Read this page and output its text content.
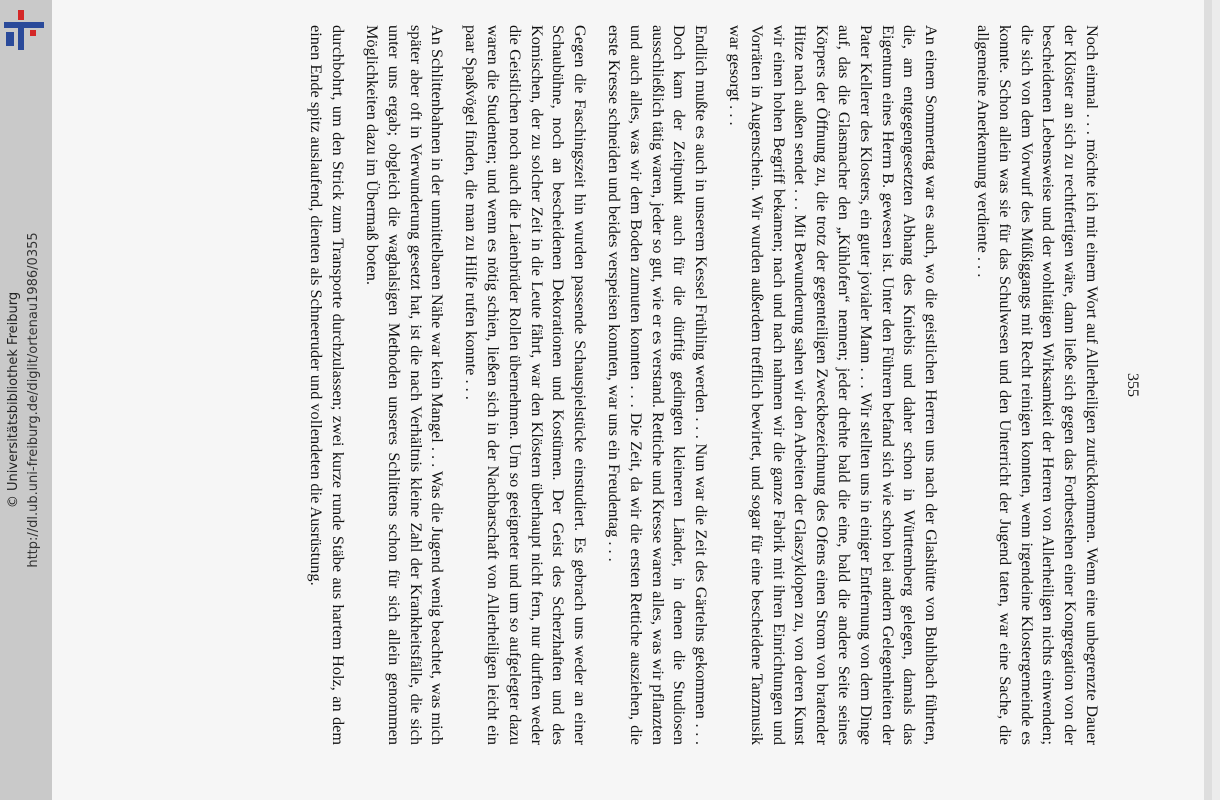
http://dl.ub.uni-freiburg.de/diglit/ortenau1986/0355
© Universitätsbibliothek Freiburg	355

Noch einmal . . . möchte ich mit einem Wort auf Allerheiligen zurückkommen. Wenn eine unbegrenzte Dauer der Klöster an sich zu rechtfertigen wäre, dann ließe sich gegen das Fortbestehen einer Kongregation von der bescheidenen Lebensweise und der wohltätigen Wirksamkeit der Herren von Allerheiligen nichts einwenden; die sich von dem Vorwurf des Müßiggangs mit Recht reinigen konnten, wenn irgendeine Klostergemeinde es konnte. Schon allein was sie für das Schulwesen und den Unterricht der Jugend taten, war eine Sache, die allgemeine Anerkennung verdiente . . .

An einem Sommertag war es auch, wo die geistlichen Herren uns nach der Glashütte von Buhlbach führten, die, am entgegengesetzten Abhang des Kniebis und daher schon in Württemberg gelegen, damals das Eigentum eines Herrn B. gewesen ist. Unter den Führern befand sich wie schon bei andern Gelegenheiten der Pater Kellerer des Klosters, ein guter jovialer Mann . . . Wir stellten uns in einiger Entfernung von dem Dinge auf, das die Glasmacher den „Kühlofen“ nennen; jeder drehte bald die eine, bald die andere Seite seines Körpers der Öffnung zu, die trotz der gegenteiligen Zweckbezeichnung des Ofens einen Strom von bratender Hitze nach außen sendet . . . Mit Bewunderung sahen wir den Arbeiten der Glaszyklopen zu, von deren Kunst wir einen hohen Begriff bekamen; nach und nach nahmen wir die ganze Fabrik mit ihren Einrichtungen und Vorräten in Augenschein. Wir wurden außerdem trefflich bewirtet, und sogar für eine bescheidene Tanzmusik war gesorgt . . .

Endlich mußte es auch in unserem Kessel Frühling werden . . . Nun war die Zeit des Gärtelns gekommen . . . Doch kam der Zeitpunkt auch für die dürftig gedingten kleineren Länder, in denen die Studiosen ausschließlich tätig waren, jeder so gut, wie er es verstand. Rettiche und Kresse waren alles, was wir pflanzten und auch alles, was wir dem Boden zumuten konnten . . . Die Zeit, da wir die ersten Rettiche ausziehen, die erste Kresse schneiden und beides verspeisen konnten, war uns ein Freudentag . . .

Gegen die Faschingszeit hin wurden passende Schauspielstücke einstudiert. Es gebrach uns weder an einer Schaubühne, noch an bescheidenen Dekorationen und Kostümen. Der Geist des Scherzhaften und des Komischen, der zu solcher Zeit in die Leute fährt, war den Klöstern überhaupt nicht fern, nur durften weder die Geistlichen noch auch die Laienbrüder Rollen übernehmen. Um so geeigneter und um so aufgelegter dazu waren die Studenten; und wenn es nötig schien, ließen sich in der Nachbarschaft von Allerheiligen leicht ein paar Spaßvögel finden, die man zu Hilfe rufen konnte . . .

An Schlittenbahnen in der unmittelbaren Nähe war kein Mangel . . . Was die Jugend wenig beachtet, was mich später aber oft in Verwunderung gesetzt hat, ist die nach Verhältnis kleine Zahl der Krankheitsfälle, die sich unter uns ergab; obgleich die waghalsigen Methoden unseres Schlittens schon für sich allein genommen Möglichkeiten dazu im Übermaß boten.

durchbohrt, um den Strick zum Transporte durchzulassen; zwei kurze runde Stäbe aus hartem Holz, an dem einen Ende spitz auslaufend, dienten als Schneeruder und vollendeten die Ausrüstung.
